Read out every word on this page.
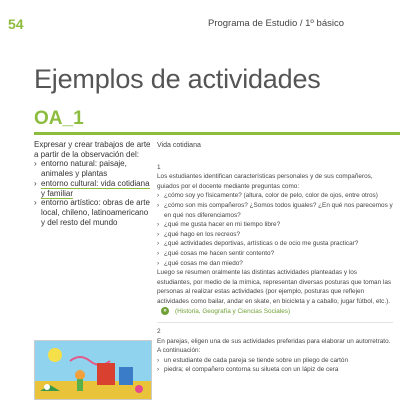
54	Programa de Estudio / 1º básico
Ejemplos de actividades
OA_1

Expresar y crear trabajos de arte a partir de la observación del:

› entorno natural: paisaje, animales y plantas
› entorno cultural: vida cotidiana y familiar
› entorno artístico: obras de arte local, chileno, latinoamericano y del resto del mundo

Vida cotidiana

1

Los estudiantes identifican características personales y de sus compañeros, guiados por el docente mediante preguntas como:

› ¿cómo soy yo físicamente? (altura, color de pelo, color de ojos, entre otros)
› ¿cómo son mis compañeros? ¿Somos todos iguales? ¿En qué nos parecemos y en qué nos diferenciamos?
› ¿qué me gusta hacer en mi tiempo libre?
› ¿qué hago en los recreos?
› ¿qué actividades deportivas, artísticas o de ocio me gusta practicar?
› ¿qué cosas me hacen sentir contento?
› ¿qué cosas me dan miedo?

Luego se resumen oralmente las distintas actividades planteadas y los estudiantes, por medio de la mímica, representan diversas posturas que toman las personas al realizar estas actividades (por ejemplo, posturas que reflejen actividades como bailar, andar en skate, en bicicleta y a caballo, jugar fútbol, etc.).

»	(Historia, Geografía y Ciencias Sociales)

2

En parejas, eligen una de sus actividades preferidas para elaborar un autorretrato. A continuación:

› un estudiante de cada pareja se tiende sobre un pliego de cartón
› piedra; el compañero contorna su silueta con un lápiz de cera
